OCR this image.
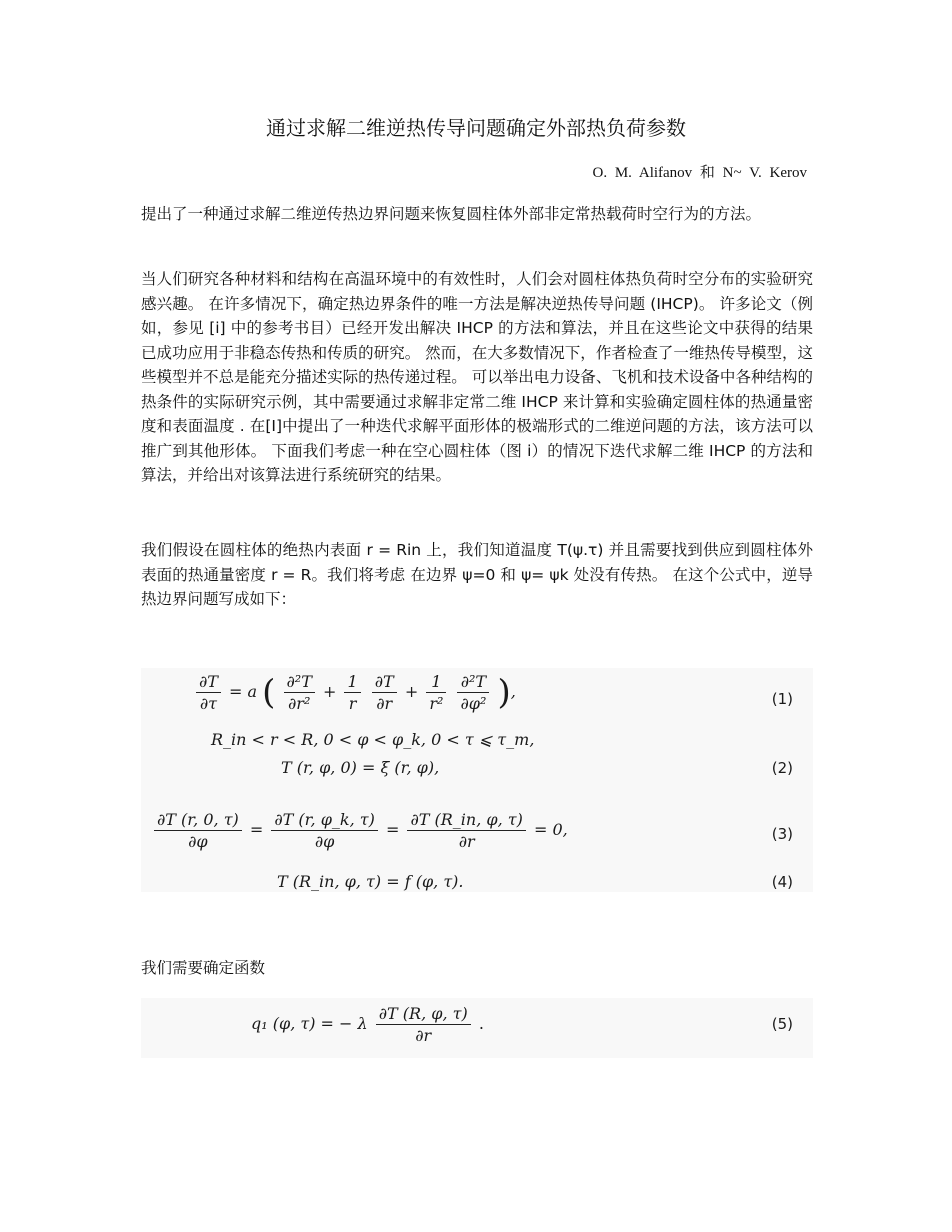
通过求解二维逆热传导问题确定外部热负荷参数
O. M. Alifanov 和 N~ V. Kerov

提出了一种通过求解二维逆传热边界问题来恢复圆柱体外部非定常热载荷时空行为的方法。

当人们研究各种材料和结构在高温环境中的有效性时，人们会对圆柱体热负荷时空分布的实验研究感兴趣。 在许多情况下，确定热边界条件的唯一方法是解决逆热传导问题 (IHCP)。 许多论文（例如，参见 [i] 中的参考书目）已经开发出解决 IHCP 的方法和算法，并且在这些论文中获得的结果已成功应用于非稳态传热和传质的研究。 然而，在大多数情况下，作者检查了一维热传导模型，这些模型并不总是能充分描述实际的热传递过程。 可以举出电力设备、飞机和技术设备中各种结构的热条件的实际研究示例，其中需要通过求解非定常二维 IHCP 来计算和实验确定圆柱体的热通量密度和表面温度 . 在[I]中提出了一种迭代求解平面形体的极端形式的二维逆问题的方法，该方法可以推广到其他形体。 下面我们考虑一种在空心圆柱体（图 i）的情况下迭代求解二维 IHCP 的方法和算法，并给出对该算法进行系统研究的结果。

我们假设在圆柱体的绝热内表面 r = Rin 上，我们知道温度 T(ψ.τ) 并且需要找到供应到圆柱体外表面的热通量密度 r = R。我们将考虑 在边界 ψ=0 和 ψ= ψk 处没有传热。 在这个公式中，逆导热边界问题写成如下：

$\frac{\partial T}{\partial\tau} = a$ ( $\frac{\text{∂²T}}{\text{∂r²}} + \frac{1}{r}$
$\frac{\partial T}{\partial r} + \frac{1}{\text{r²}}$
$\frac{\text{∂²T}}{\text{∂φ²}}$ ),	(1)
R_in < r < R, 0 < φ < φ_k, 0 < τ ⩽ τ_m,
T (r, φ, 0) = ξ (r, φ),	(2)
$\frac{\partial T (r, 0, \tau)}{\partial\varphi} = \frac{\partial T (r, \varphi\_k, \tau)}{\partial\varphi} = \frac{\partial T (R\_in, \varphi, \tau)}{\partial r} = 0$,	(3)
T (R_in, φ, τ) = f (φ, τ).	(4)

我们需要确定函数

q₁ (φ, τ) = − λ $\frac{\partial T (R, \varphi, \tau)}{\partial r}$ .	(5)
